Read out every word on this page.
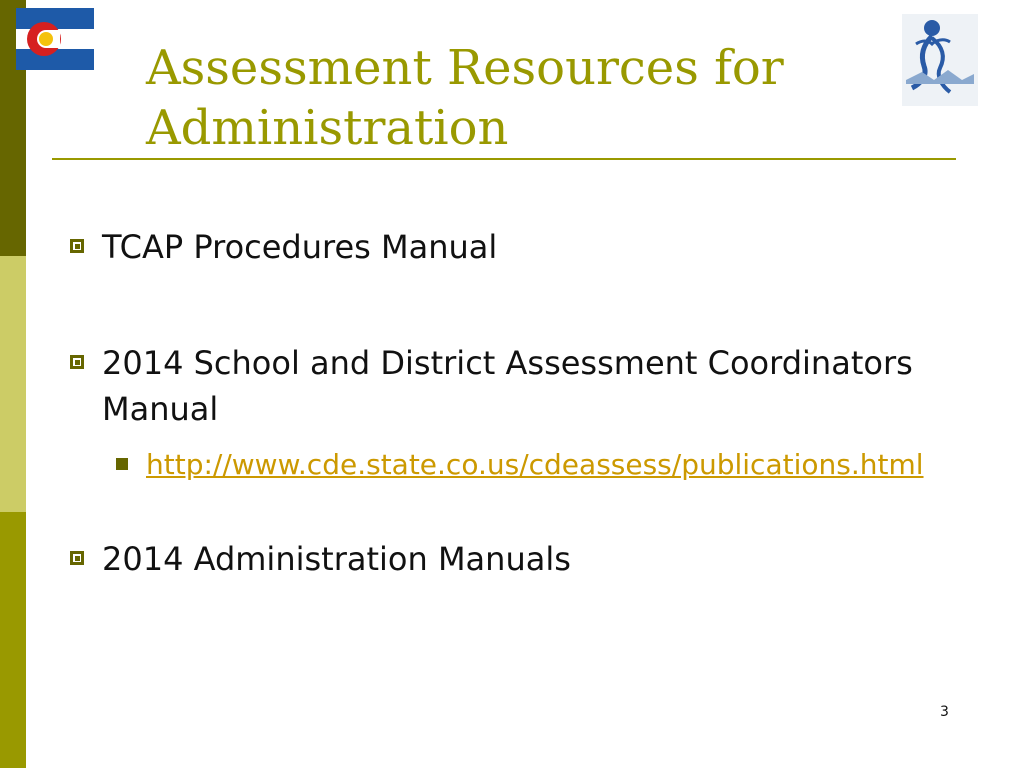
Assessment Resources for Administration
TCAP Procedures Manual
2014 School and District Assessment Coordinators Manual
http://www.cde.state.co.us/cdeassess/publications.html
2014 Administration Manuals
3
